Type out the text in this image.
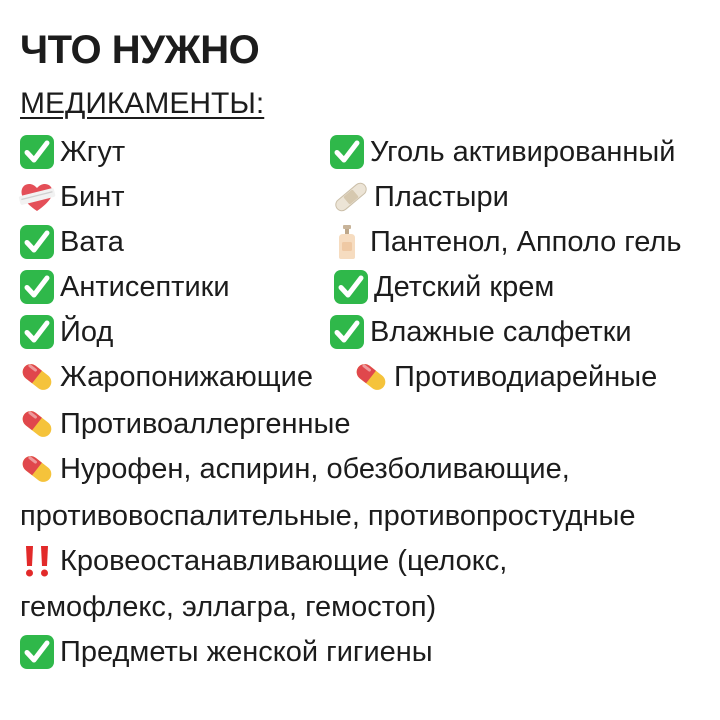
ЧТО НУЖНО
МЕДИКАМЕНТЫ:
Жгут
Бинт
Вата
Антисептики
Йод
Жаропонижающие
Уголь активированный
Пластыри
Пантенол, Апполо гель
Детский крем
Влажные салфетки
Противодиарейные
Противоаллергенные
Нурофен, аспирин, обезболивающие,
противовоспалительные, противопростудные
Кровеостанавливающие (целокс,
гемофлекс, эллагра, гемостоп)
Предметы женской гигиены
